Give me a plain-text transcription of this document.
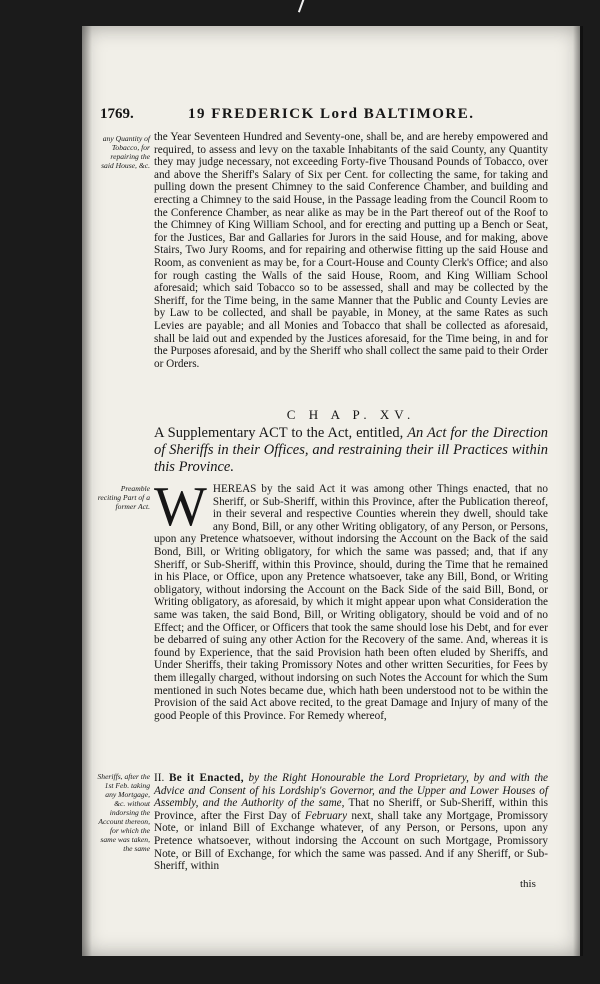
1769.	19 FREDERICK Lord BALTIMORE.
any Quantity of Tobacco, for repairing the said House, &c.
the Year Seventeen Hundred and Seventy-one, shall be, and are hereby empowered and required, to assess and levy on the taxable Inhabitants of the said County, any Quantity they may judge necessary, not exceeding Forty-five Thousand Pounds of Tobacco, over and above the Sheriff's Salary of Six per Cent. for collecting the same, for taking and pulling down the present Chimney to the said Conference Chamber, and building and erecting a Chimney to the said House, in the Passage leading from the Council Room to the Conference Chamber, as near alike as may be in the Part thereof out of the Roof to the Chimney of King William School, and for erecting and putting up a Bench or Seat, for the Justices, Bar and Gallaries for Jurors in the said House, and for making, above Stairs, Two Jury Rooms, and for repairing and otherwise fitting up the said House and Room, as convenient as may be, for a Court-House and County Clerk's Office; and also for rough casting the Walls of the said House, Room, and King William School aforesaid; which said Tobacco so to be assessed, shall and may be collected by the Sheriff, for the Time being, in the same Manner that the Public and County Levies are by Law to be collected, and shall be payable, in Money, at the same Rates as such Levies are payable; and all Monies and Tobacco that shall be collected as aforesaid, shall be laid out and expended by the Justices aforesaid, for the Time being, in and for the Purposes aforesaid, and by the Sheriff who shall collect the same paid to their Order or Orders.
C H A P. XV.
A Supplementary ACT to the Act, entitled, An Act for the Direction of Sheriffs in their Offices, and restraining their ill Practices within this Province.
Preamble reciting Part of a former Act. W HEREAS by the said Act it was among other Things enacted, that no Sheriff, or Sub-Sheriff, within this Province, after the Publication thereof, in their several and respective Counties wherein they dwell, should take any Bond, Bill, or any other Writing obligatory, of any Person, or Persons, upon any Pretence whatsoever, without indorsing the Account on the Back of the said Bond, Bill, or Writing obligatory, for which the same was passed; and, that if any Sheriff, or Sub-Sheriff, within this Province, should, during the Time that he remained in his Place, or Office, upon any Pretence whatsoever, take any Bill, Bond, or Writing obligatory, without indorsing the Account on the Back Side of the said Bill, Bond, or Writing obligatory, as aforesaid, by which it might appear upon what Consideration the same was taken, the said Bond, Bill, or Writing obligatory, should be void and of no Effect; and the Officer, or Officers that took the same should lose his Debt, and for ever be debarred of suing any other Action for the Recovery of the same. And, whereas it is found by Experience, that the said Provision hath been often eluded by Sheriffs, and Under Sheriffs, their taking Promissory Notes and other written Securities, for Fees by them illegally charged, without indorsing on such Notes the Account for which the Sum mentioned in such Notes became due, which hath been understood not to be within the Provision of the said Act above recited, to the great Damage and Injury of many of the good People of this Province. For Remedy whereof,
Sheriffs, after the 1st Feb. taking any Mortgage, &c. without indorsing the Account thereon, for which the same was taken, the same
II. Be it Enacted, by the Right Honourable the Lord Proprietary, by and with the Advice and Consent of his Lordship's Governor, and the Upper and Lower Houses of Assembly, and the Authority of the same, That no Sheriff, or Sub-Sheriff, within this Province, after the First Day of February next, shall take any Mortgage, Promissory Note, or inland Bill of Exchange whatever, of any Person, or Persons, upon any Pretence whatsoever, without indorsing the Account on such Mortgage, Promissory Note, or Bill of Exchange, for which the same was passed. And if any Sheriff, or Sub-Sheriff, within
this
